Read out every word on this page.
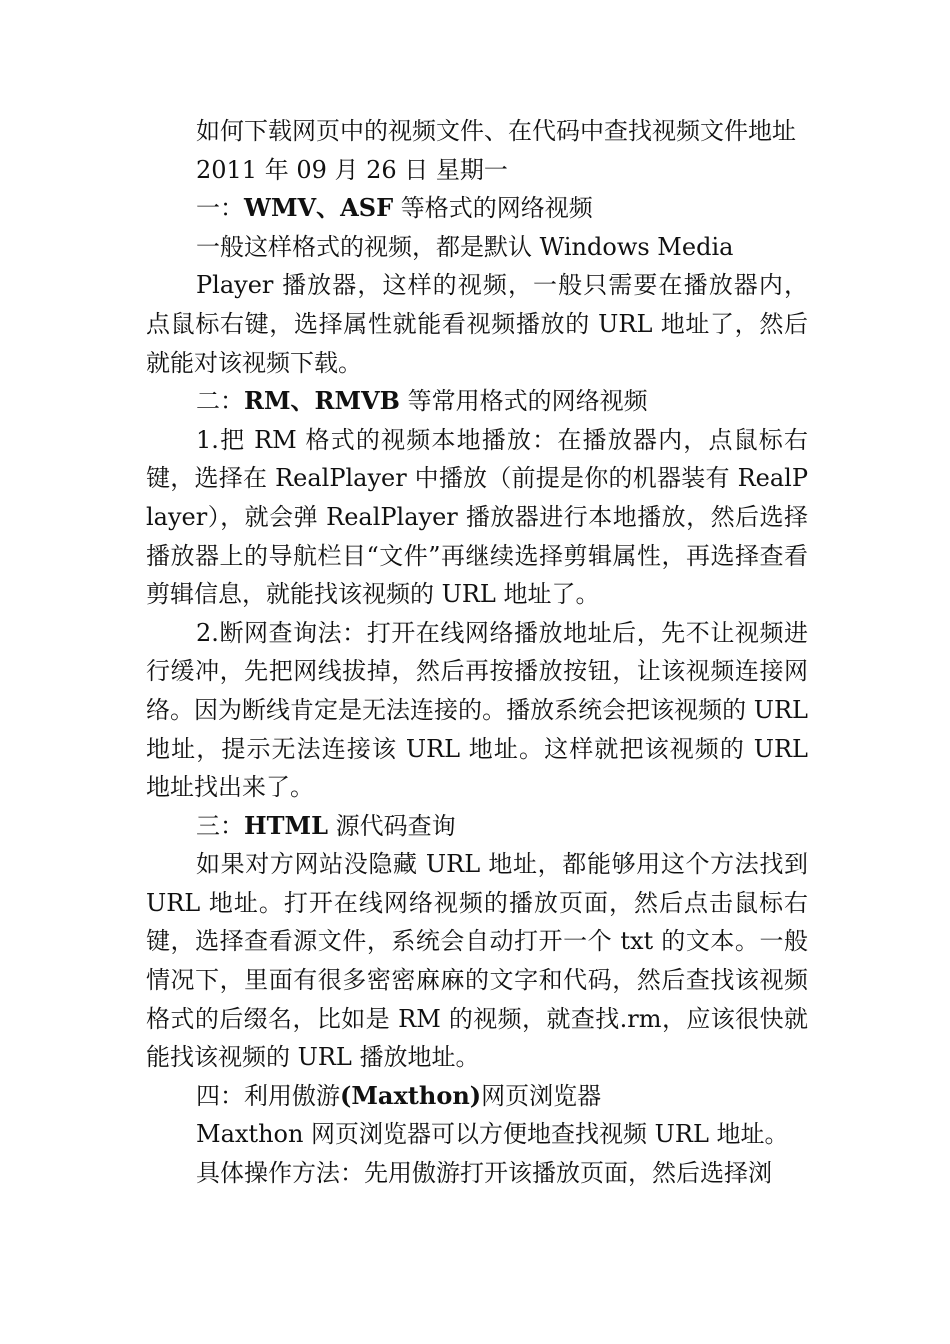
如何下载网页中的视频文件、在代码中查找视频文件地址

2011 年 09 月 26 日 星期一

一：WMV、ASF 等格式的网络视频

一般这样格式的视频，都是默认 Windows Media

Player 播放器，这样的视频，一般只需要在播放器内，点鼠标右键，选择属性就能看视频播放的 URL 地址了，然后就能对该视频下载。

二：RM、RMVB 等常用格式的网络视频

1.把 RM 格式的视频本地播放：在播放器内，点鼠标右键，选择在 RealPlayer 中播放（前提是你的机器装有 RealPlayer），就会弹 RealPlayer 播放器进行本地播放，然后选择播放器上的导航栏目“文件”再继续选择剪辑属性，再选择查看剪辑信息，就能找该视频的 URL 地址了。

2.断网查询法：打开在线网络播放地址后，先不让视频进行缓冲，先把网线拔掉，然后再按播放按钮，让该视频连接网络。因为断线肯定是无法连接的。播放系统会把该视频的 URL 地址，提示无法连接该 URL 地址。这样就把该视频的 URL 地址找出来了。

三：HTML 源代码查询

如果对方网站没隐藏 URL 地址，都能够用这个方法找到 URL 地址。打开在线网络视频的播放页面，然后点击鼠标右键，选择查看源文件，系统会自动打开一个 txt 的文本。一般情况下，里面有很多密密麻麻的文字和代码，然后查找该视频格式的后缀名，比如是 RM 的视频，就查找.rm，应该很快就能找该视频的 URL 播放地址。

四：利用傲游(Maxthon)网页浏览器

Maxthon 网页浏览器可以方便地查找视频 URL 地址。

具体操作方法：先用傲游打开该播放页面，然后选择浏
